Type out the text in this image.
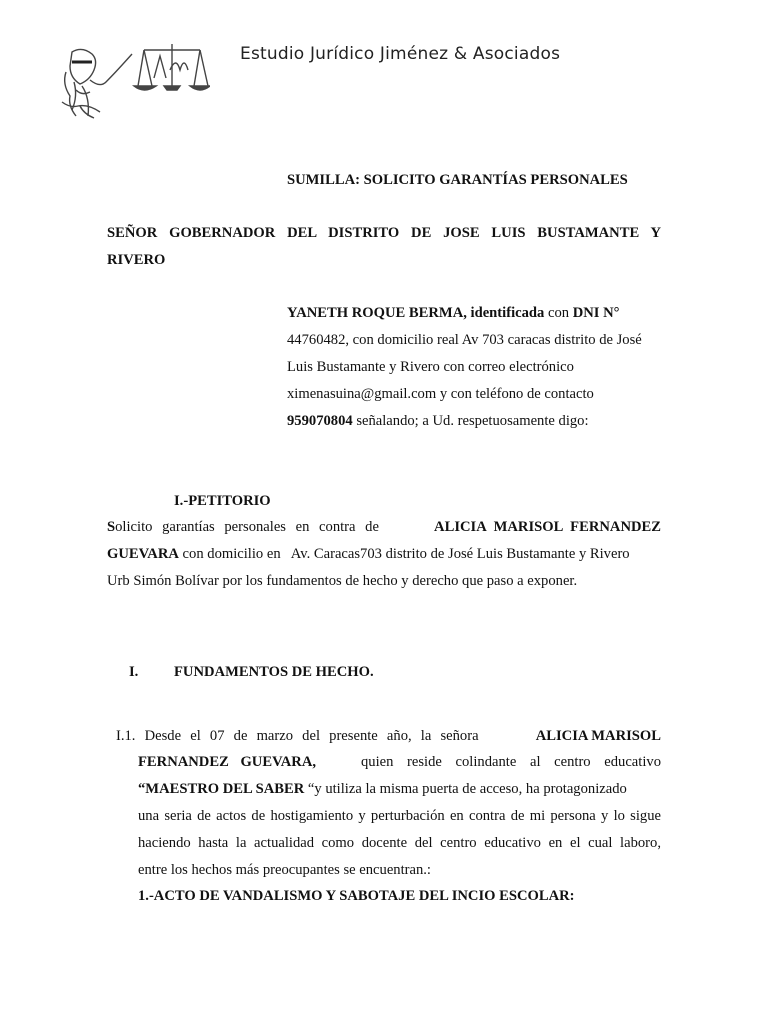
Estudio Jurídico Jiménez & Asociados
SUMILLA: SOLICITO GARANTÍAS PERSONALES
SEÑOR GOBERNADOR DEL DISTRITO DE JOSE LUIS BUSTAMANTE Y
RIVERO
YANETH ROQUE BERMA, identificada con DNI N°
44760482, con domicilio real Av 703 caracas distrito de José
Luis Bustamante y Rivero con correo electrónico
ximenasuina@gmail.com y con teléfono de contacto
959070804 señalando; a Ud. respetuosamente digo:
I.-PETITORIO
Solicito garantías personales en contra de	ALICIA MARISOL FERNANDEZ
GUEVARA con domicilio en   Av. Caracas703 distrito de José Luis Bustamante y Rivero
Urb Simón Bolívar por los fundamentos de hecho y derecho que paso a exponer.
I. FUNDAMENTOS DE HECHO.
I.1. Desde el 07 de marzo del presente año, la señora	ALICIA MARISOL
FERNANDEZ GUEVARA,	quien reside colindante al centro educativo
“MAESTRO DEL SABER “y utiliza la misma puerta de acceso, ha protagonizado
una seria de actos de hostigamiento y perturbación en contra de mi persona y lo sigue
haciendo hasta la actualidad como docente del centro educativo en el cual laboro,
entre los hechos más preocupantes se encuentran.:
1.-ACTO DE VANDALISMO Y SABOTAJE DEL INCIO ESCOLAR:
